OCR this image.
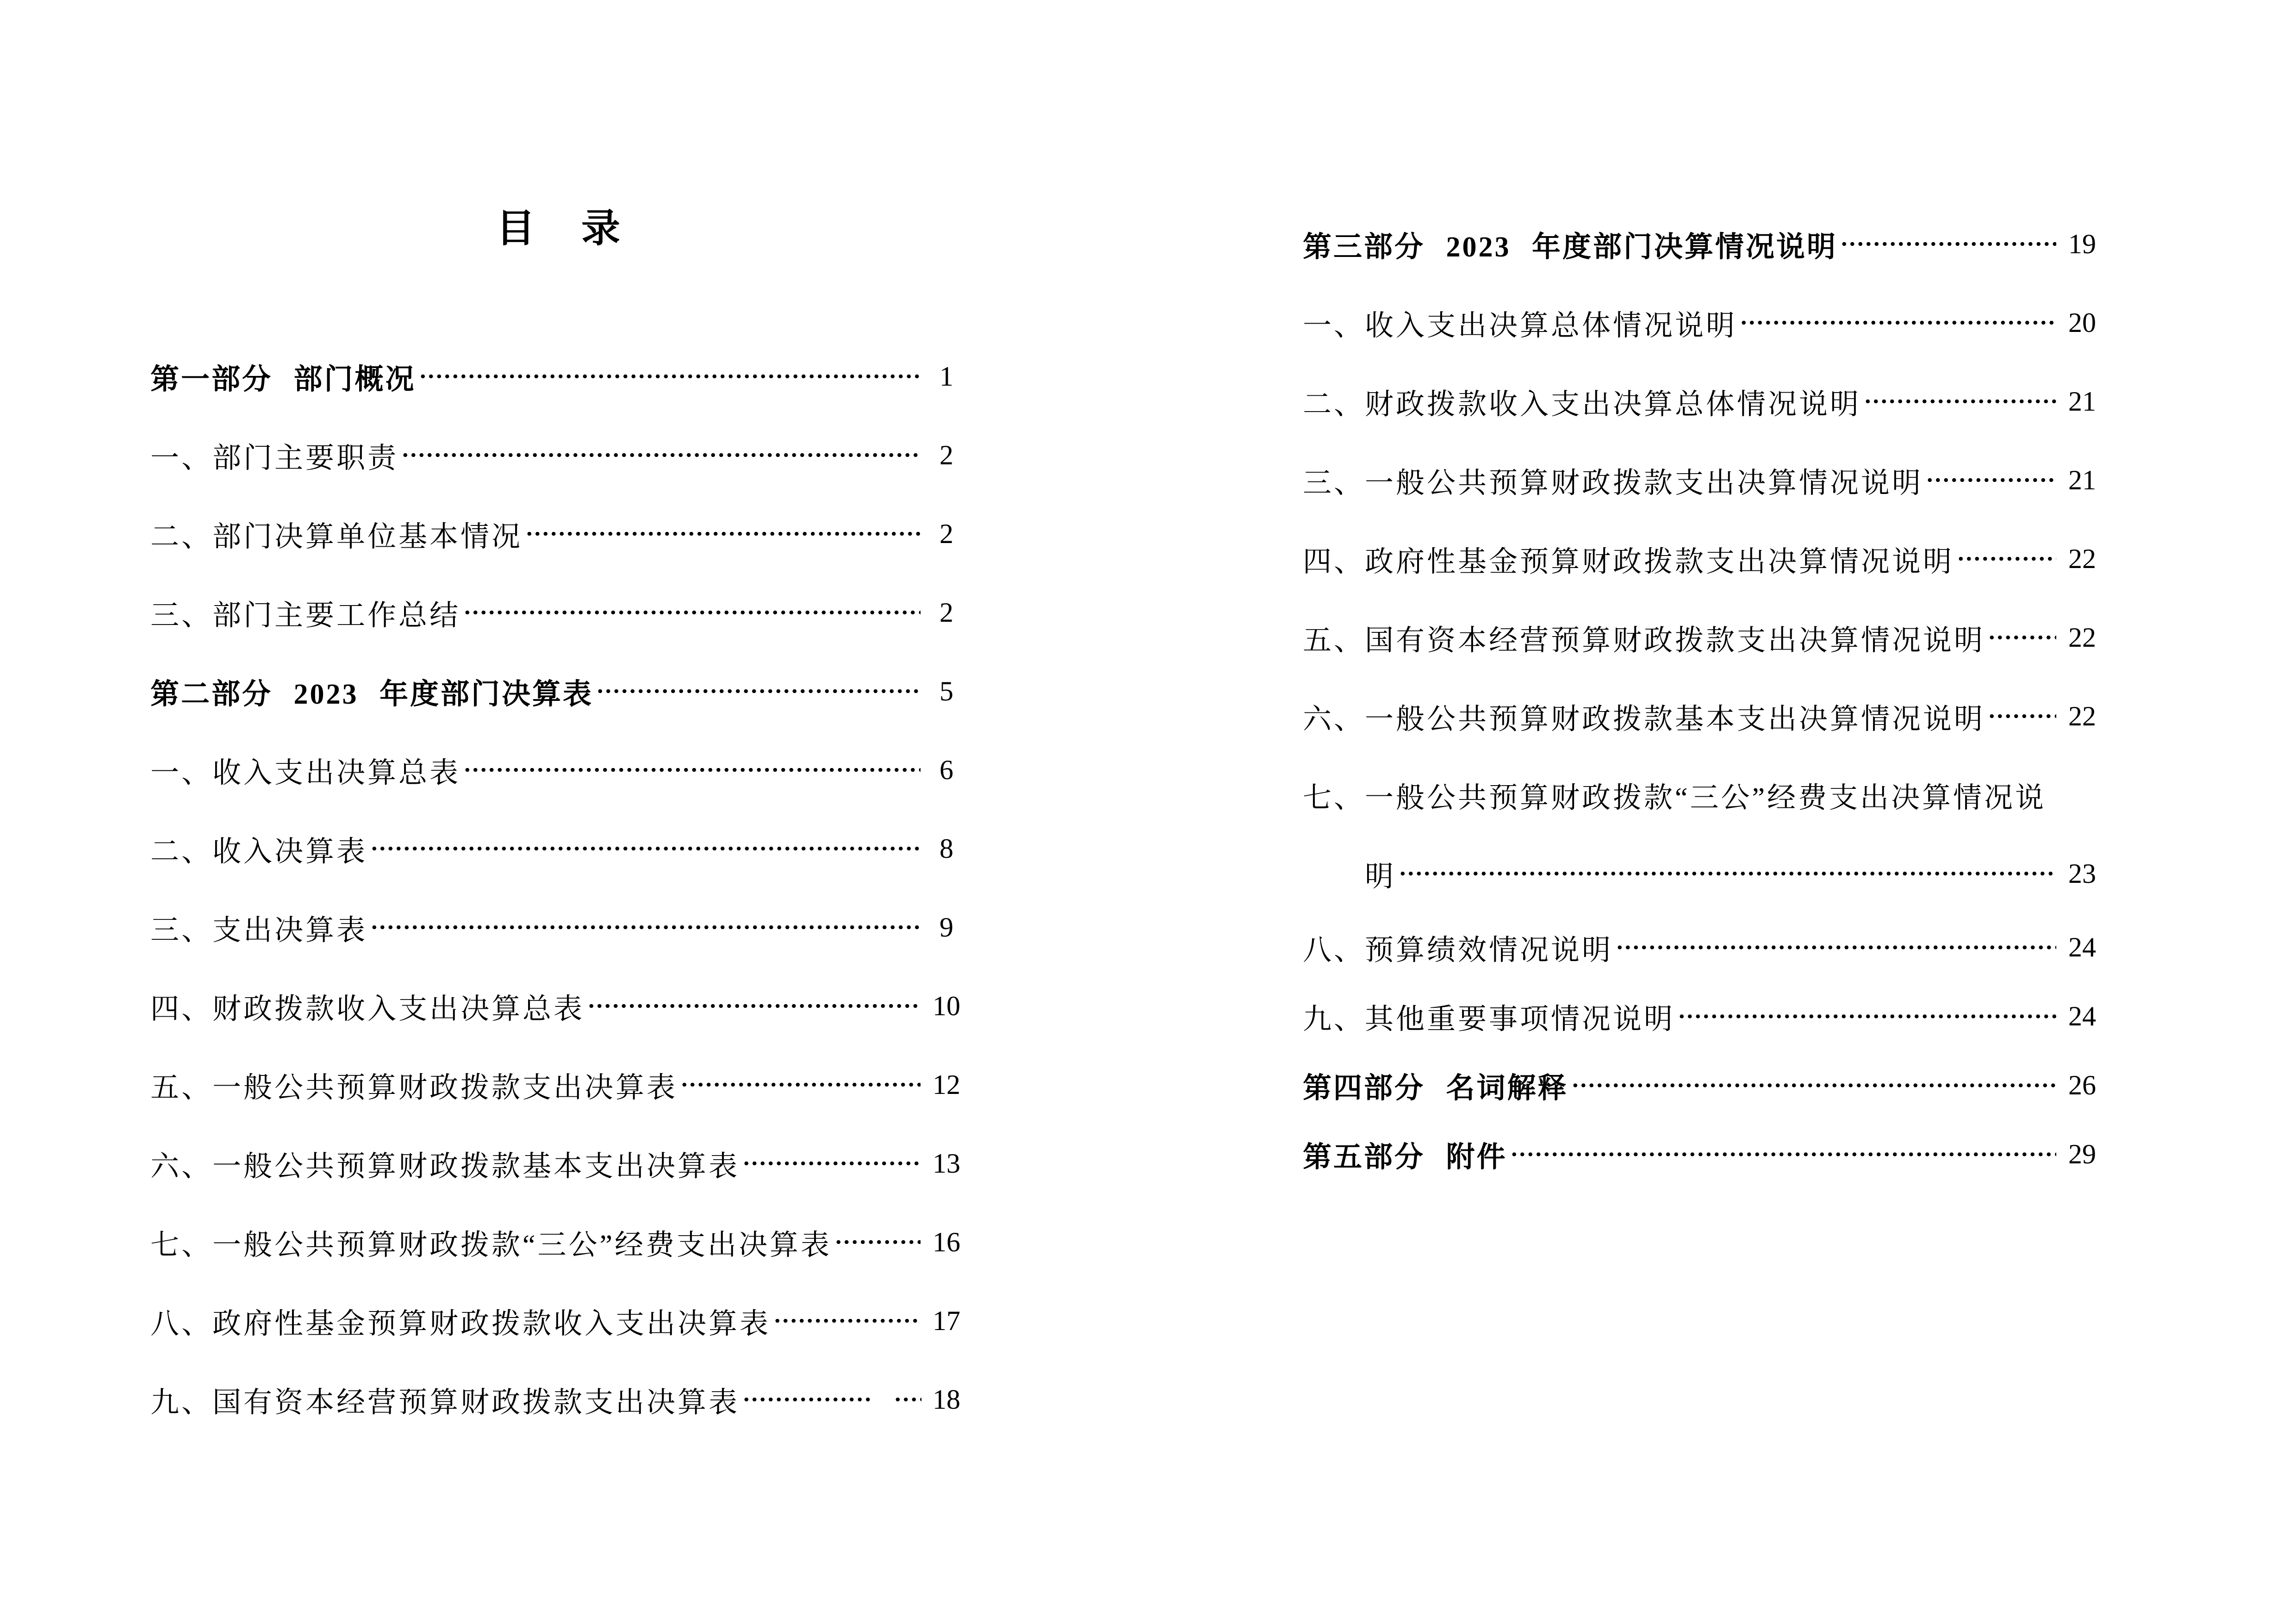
目　录
第一部分 部门概况	1
一、部门主要职责	2
二、部门决算单位基本情况	2
三、部门主要工作总结	2
第二部分 2023 年度部门决算表	5
一、收入支出决算总表	6
二、收入决算表	8
三、支出决算表	9
四、财政拨款收入支出决算总表	10
五、一般公共预算财政拨款支出决算表	12
六、一般公共预算财政拨款基本支出决算表	13
七、一般公共预算财政拨款“三公”经费支出决算表	16
八、政府性基金预算财政拨款收入支出决算表	17
九、国有资本经营预算财政拨款支出决算表	18
第三部分 2023 年度部门决算情况说明	19
一、收入支出决算总体情况说明	20
二、财政拨款收入支出决算总体情况说明	21
三、一般公共预算财政拨款支出决算情况说明	21
四、政府性基金预算财政拨款支出决算情况说明	22
五、国有资本经营预算财政拨款支出决算情况说明	22
六、一般公共预算财政拨款基本支出决算情况说明	22
七、一般公共预算财政拨款“三公”经费支出决算情况说
明	23
八、预算绩效情况说明	24
九、其他重要事项情况说明	24
第四部分 名词解释	26
第五部分 附件	29
